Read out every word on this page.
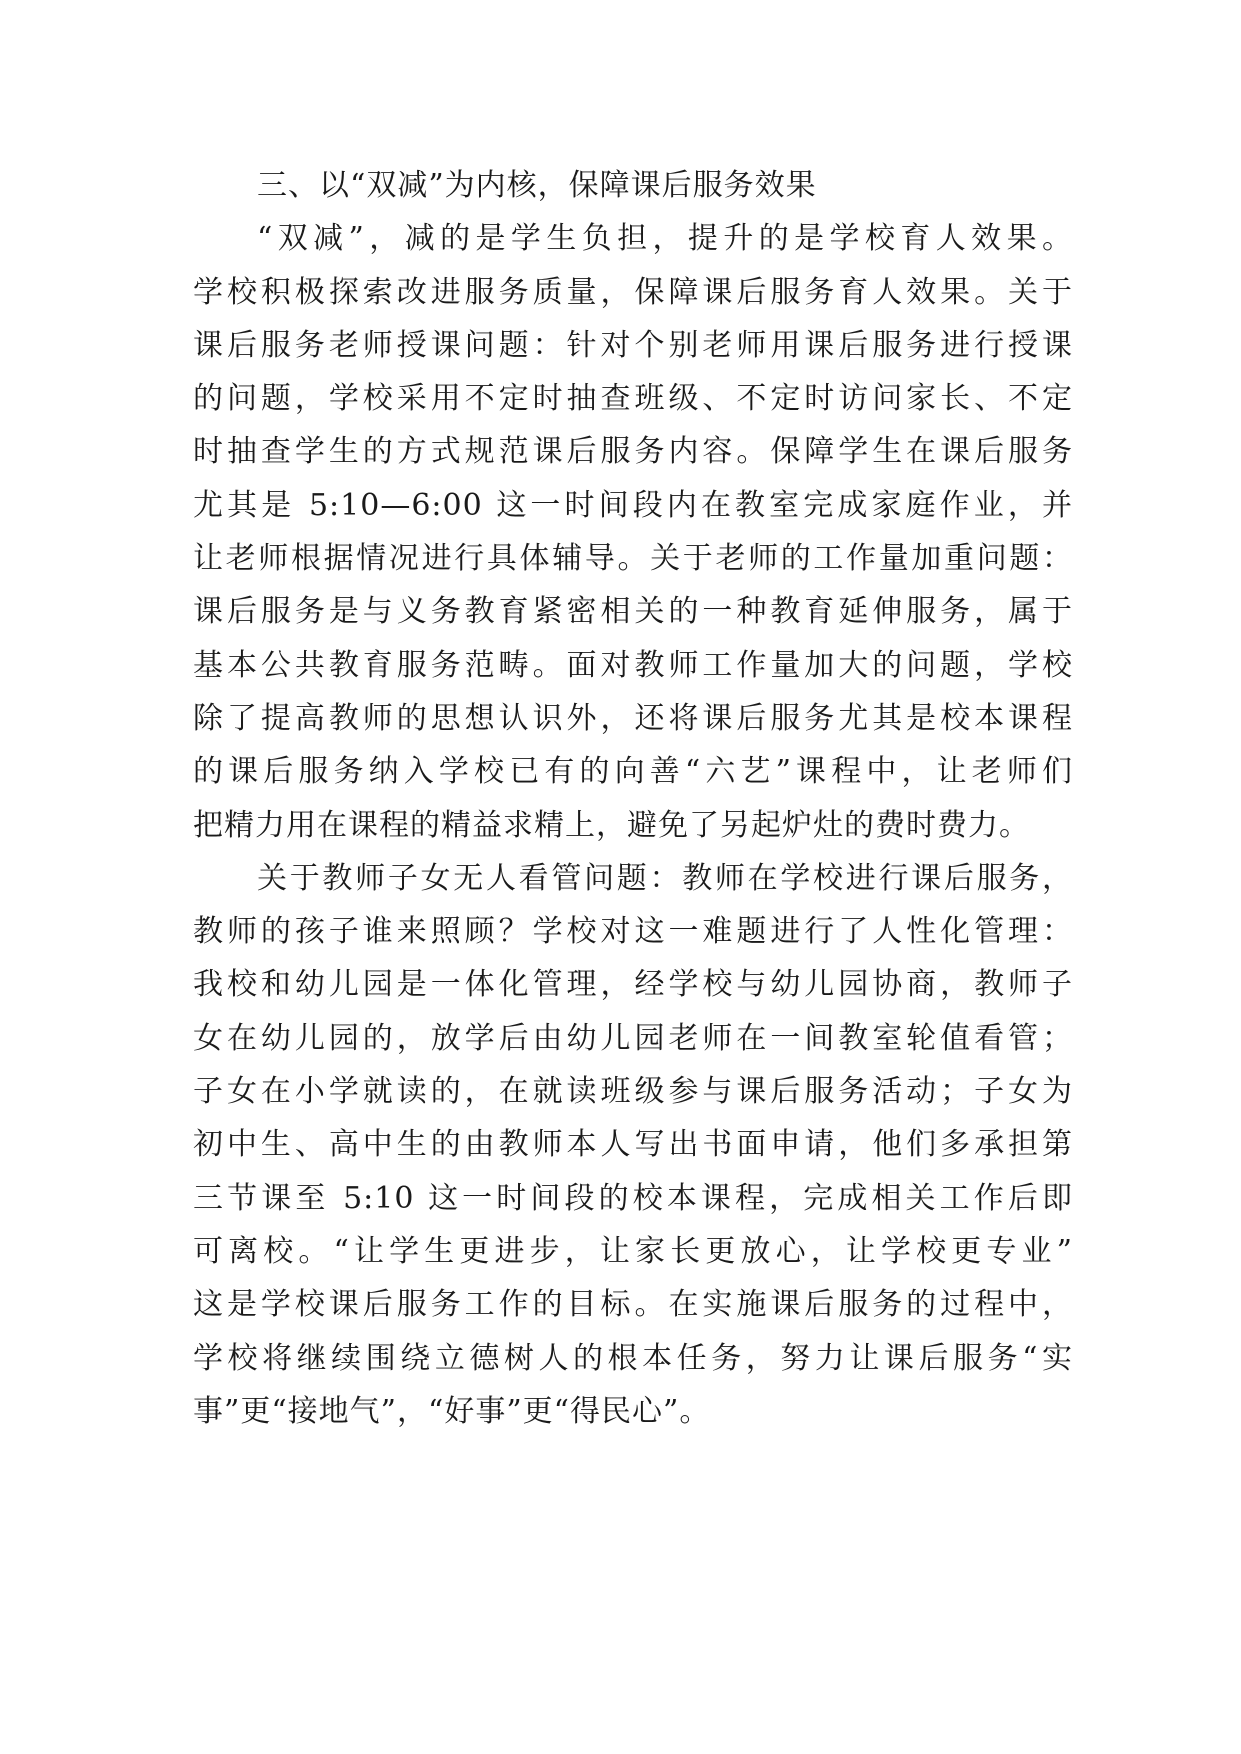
三、以“双减”为内核，保障课后服务效果
“双减”，减的是学生负担，提升的是学校育人效果。
学校积极探索改进服务质量，保障课后服务育人效果。关于
课后服务老师授课问题：针对个别老师用课后服务进行授课
的问题，学校采用不定时抽查班级、不定时访问家长、不定
时抽查学生的方式规范课后服务内容。保障学生在课后服务
尤其是 5:10—6:00 这一时间段内在教室完成家庭作业，并
让老师根据情况进行具体辅导。关于老师的工作量加重问题：
课后服务是与义务教育紧密相关的一种教育延伸服务，属于
基本公共教育服务范畴。面对教师工作量加大的问题，学校
除了提高教师的思想认识外，还将课后服务尤其是校本课程
的课后服务纳入学校已有的向善“六艺”课程中，让老师们
把精力用在课程的精益求精上，避免了另起炉灶的费时费力。
关于教师子女无人看管问题：教师在学校进行课后服务，
教师的孩子谁来照顾？学校对这一难题进行了人性化管理：
我校和幼儿园是一体化管理，经学校与幼儿园协商，教师子
女在幼儿园的，放学后由幼儿园老师在一间教室轮值看管；
子女在小学就读的，在就读班级参与课后服务活动；子女为
初中生、高中生的由教师本人写出书面申请，他们多承担第
三节课至 5:10 这一时间段的校本课程，完成相关工作后即
可离校。“让学生更进步，让家长更放心，让学校更专业”
这是学校课后服务工作的目标。在实施课后服务的过程中，
学校将继续围绕立德树人的根本任务，努力让课后服务“实
事”更“接地气”，“好事”更“得民心”。
